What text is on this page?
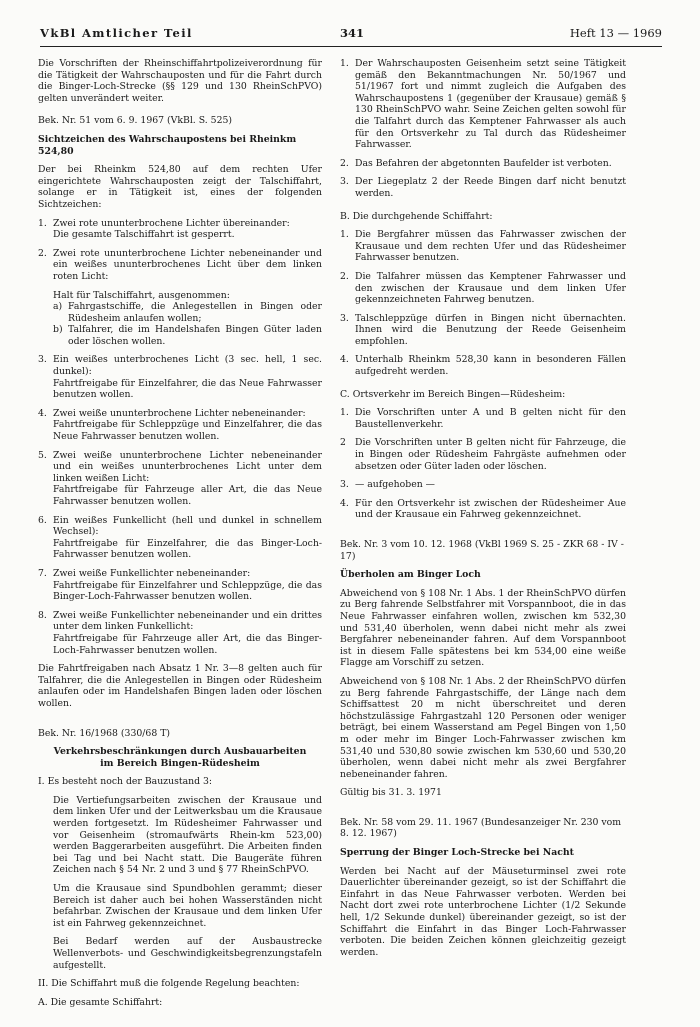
VkBl Amtlicher Teil	341	Heft 13 — 1969

Die Vorschriften der Rheinschiffahrtpolizeiverordnung für die Tätigkeit der Wahrschauposten und für die Fahrt durch die Binger-Loch-Strecke (§§ 129 und 130 RheinSchPVO) gelten unverändert weiter.

Bek. Nr. 51 vom 6. 9. 1967 (VkBl. S. 525)

Sichtzeichen des Wahrschaupostens bei Rheinkm 524,80

Der bei Rheinkm 524,80 auf dem rechten Ufer eingerichtete Wahrschauposten zeigt der Talschiffahrt, solange er in Tätigkeit ist, eines der folgenden Sichtzeichen:

1. Zwei rote ununterbrochene Lichter übereinander:

Die gesamte Talschiffahrt ist gesperrt.

2. Zwei rote ununterbrochene Lichter nebeneinander und ein weißes ununterbrochenes Licht über dem linken roten Licht:

Halt für Talschiffahrt, ausgenommen:

a) Fahrgastschiffe, die Anlegestellen in Bingen oder Rüdesheim anlaufen wollen;
b) Talfahrer, die im Handelshafen Bingen Güter laden oder löschen wollen.
3. Ein weißes unterbrochenes Licht (3 sec. hell, 1 sec. dunkel):

Fahrtfreigabe für Einzelfahrer, die das Neue Fahrwasser benutzen wollen.

4. Zwei weiße ununterbrochene Lichter nebeneinander:

Fahrtfreigabe für Schleppzüge und Einzelfahrer, die das Neue Fahrwasser benutzen wollen.

5. Zwei weiße ununterbrochene Lichter nebeneinander und ein weißes ununterbrochenes Licht unter dem linken weißen Licht:

Fahrtfreigabe für Fahrzeuge aller Art, die das Neue Fahrwasser benutzen wollen.

6. Ein weißes Funkellicht (hell und dunkel in schnellem Wechsel):

Fahrtfreigabe für Einzelfahrer, die das Binger-Loch-Fahrwasser benutzen wollen.

7. Zwei weiße Funkellichter nebeneinander:

Fahrtfreigabe für Einzelfahrer und Schleppzüge, die das Binger-Loch-Fahrwasser benutzen wollen.

8. Zwei weiße Funkellichter nebeneinander und ein drittes unter dem linken Funkellicht:

Fahrtfreigabe für Fahrzeuge aller Art, die das Binger-Loch-Fahrwasser benutzen wollen.

Die Fahrtfreigaben nach Absatz 1 Nr. 3—8 gelten auch für Talfahrer, die die Anlegestellen in Bingen oder Rüdesheim anlaufen oder im Handelshafen Bingen laden oder löschen wollen.

Bek. Nr. 16/1968 (330/68 T)

Verkehrsbeschränkungen durch Ausbauarbeiten

im Bereich Bingen-Rüdesheim

I. Es besteht noch der Bauzustand 3:

Die Vertiefungsarbeiten zwischen der Krausaue und dem linken Ufer und der Leitwerksbau um die Krausaue werden fortgesetzt. Im Rüdesheimer Fahrwasser und vor Geisenheim (stromaufwärts Rhein-km 523,00) werden Baggerarbeiten ausgeführt. Die Arbeiten finden bei Tag und bei Nacht statt. Die Baugeräte führen Zeichen nach § 54 Nr. 2 und 3 und § 77 RheinSchPVO.

Um die Krausaue sind Spundbohlen gerammt; dieser Bereich ist daher auch bei hohen Wasserständen nicht befahrbar. Zwischen der Krausaue und dem linken Ufer ist ein Fahrweg gekennzeichnet.

Bei Bedarf werden auf der Ausbaustrecke Wellenverbots- und Geschwindigkeitsbegrenzungstafeln aufgestellt.

II. Die Schiffahrt muß die folgende Regelung beachten:

A. Die gesamte Schiffahrt:

1. Der Wahrschauposten Geisenheim setzt seine Tätigkeit gemäß den Bekanntmachungen Nr. 50/1967 und 51/1967 fort und nimmt zugleich die Aufgaben des Wahrschaupostens 1 (gegenüber der Krausaue) gemäß § 130 RheinSchPVO wahr. Seine Zeichen gelten sowohl für die Talfahrt durch das Kemptener Fahrwasser als auch für den Ortsverkehr zu Tal durch das Rüdesheimer Fahrwasser.
2. Das Befahren der abgetonnten Baufelder ist verboten.
3. Der Liegeplatz 2 der Reede Bingen darf nicht benutzt werden.

B. Die durchgehende Schiffahrt:

1. Die Bergfahrer müssen das Fahrwasser zwischen der Krausaue und dem rechten Ufer und das Rüdesheimer Fahrwasser benutzen.
2. Die Talfahrer müssen das Kemptener Fahrwasser und den zwischen der Krausaue und dem linken Ufer gekennzeichneten Fahrweg benutzen.
3. Talschleppzüge dürfen in Bingen nicht übernachten. Ihnen wird die Benutzung der Reede Geisenheim empfohlen.
4. Unterhalb Rheinkm 528,30 kann in besonderen Fällen aufgedreht werden.

C. Ortsverkehr im Bereich Bingen—Rüdesheim:

1. Die Vorschriften unter A und B gelten nicht für den Baustellenverkehr.
2 Die Vorschriften unter B gelten nicht für Fahrzeuge, die in Bingen oder Rüdesheim Fahrgäste aufnehmen oder absetzen oder Güter laden oder löschen.
3. — aufgehoben —
4. Für den Ortsverkehr ist zwischen der Rüdesheimer Aue und der Krausaue ein Fahrweg gekennzeichnet.

Bek. Nr. 3 vom 10. 12. 1968 (VkBl 1969 S. 25 - ZKR 68 - IV - 17)

Überholen am Binger Loch

Abweichend von § 108 Nr. 1 Abs. 1 der RheinSchPVO dürfen zu Berg fahrende Selbstfahrer mit Vorspannboot, die in das Neue Fahrwasser einfahren wollen, zwischen km 532,30 und 531,40 überholen, wenn dabei nicht mehr als zwei Bergfahrer nebeneinander fahren. Auf dem Vorspannboot ist in diesem Falle spätestens bei km 534,00 eine weiße Flagge am Vorschiff zu setzen.

Abweichend von § 108 Nr. 1 Abs. 2 der RheinSchPVO dürfen zu Berg fahrende Fahrgastschiffe, der Länge nach dem Schiffsattest 20 m nicht überschreitet und deren höchstzulässige Fahrgastzahl 120 Personen oder weniger beträgt, bei einem Wasserstand am Pegel Bingen von 1,50 m oder mehr im Binger Loch-Fahrwasser zwischen km 531,40 und 530,80 sowie zwischen km 530,60 und 530,20 überholen, wenn dabei nicht mehr als zwei Bergfahrer nebeneinander fahren.

Gültig bis 31. 3. 1971

Bek. Nr. 58 vom 29. 11. 1967 (Bundesanzeiger Nr. 230 vom 8. 12. 1967)

Sperrung der Binger Loch-Strecke bei Nacht

Werden bei Nacht auf der Mäuseturminsel zwei rote Dauerlichter übereinander gezeigt, so ist der Schiffahrt die Einfahrt in das Neue Fahrwasser verboten. Werden bei Nacht dort zwei rote unterbrochene Lichter (1/2 Sekunde hell, 1/2 Sekunde dunkel) übereinander gezeigt, so ist der Schiffahrt die Einfahrt in das Binger Loch-Fahrwasser verboten. Die beiden Zeichen können gleichzeitig gezeigt werden.
